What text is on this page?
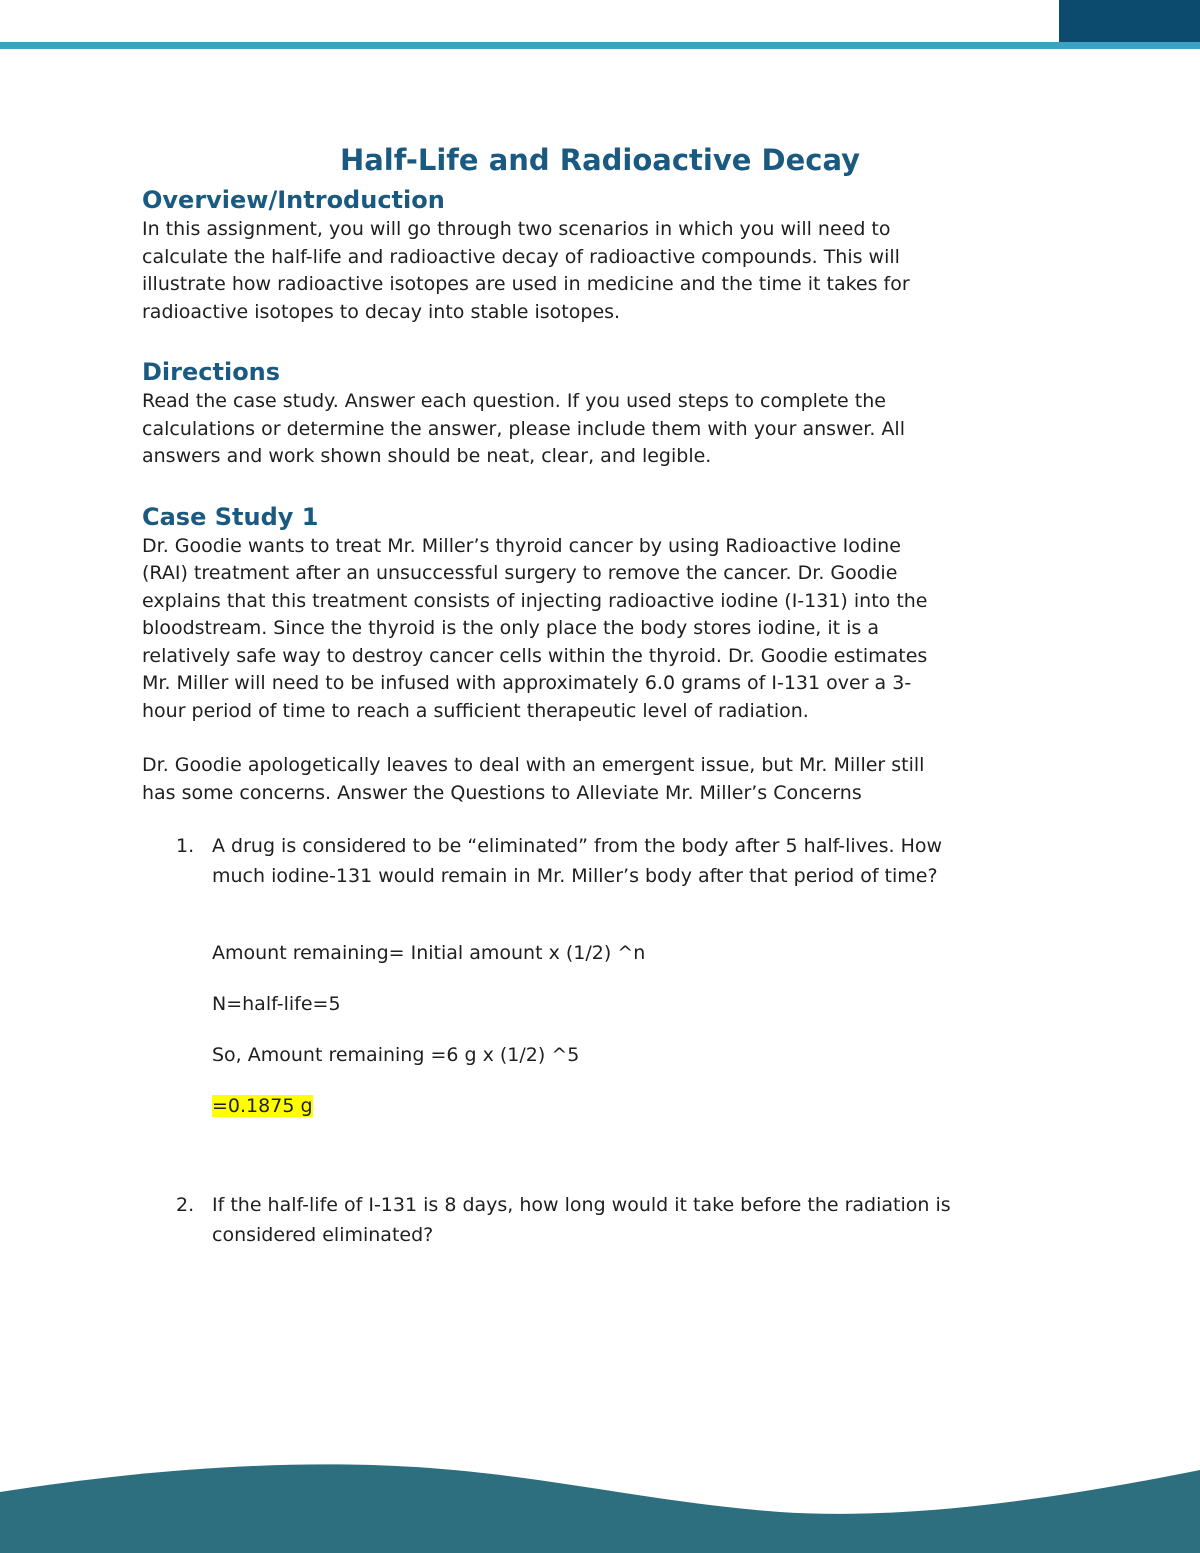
Half-Life and Radioactive Decay
Overview/Introduction
In this assignment, you will go through two scenarios in which you will need to
calculate the half-life and radioactive decay of radioactive compounds. This will
illustrate how radioactive isotopes are used in medicine and the time it takes for
radioactive isotopes to decay into stable isotopes.
Directions
Read the case study. Answer each question. If you used steps to complete the
calculations or determine the answer, please include them with your answer. All
answers and work shown should be neat, clear, and legible.
Case Study 1
Dr. Goodie wants to treat Mr. Miller’s thyroid cancer by using Radioactive Iodine
(RAI) treatment after an unsuccessful surgery to remove the cancer. Dr. Goodie
explains that this treatment consists of injecting radioactive iodine (I-131) into the
bloodstream. Since the thyroid is the only place the body stores iodine, it is a
relatively safe way to destroy cancer cells within the thyroid. Dr. Goodie estimates
Mr. Miller will need to be infused with approximately 6.0 grams of I-131 over a 3-
hour period of time to reach a sufficient therapeutic level of radiation.
Dr. Goodie apologetically leaves to deal with an emergent issue, but Mr. Miller still
has some concerns. Answer the Questions to Alleviate Mr. Miller’s Concerns
1. A drug is considered to be “eliminated” from the body after 5 half-lives. How
much iodine-131 would remain in Mr. Miller’s body after that period of time?

Amount remaining= Initial amount x (1/2) ^n

N=half-life=5

So, Amount remaining =6 g x (1/2) ^5

=0.1875 g

2. If the half-life of I-131 is 8 days, how long would it take before the radiation is
considered eliminated?
